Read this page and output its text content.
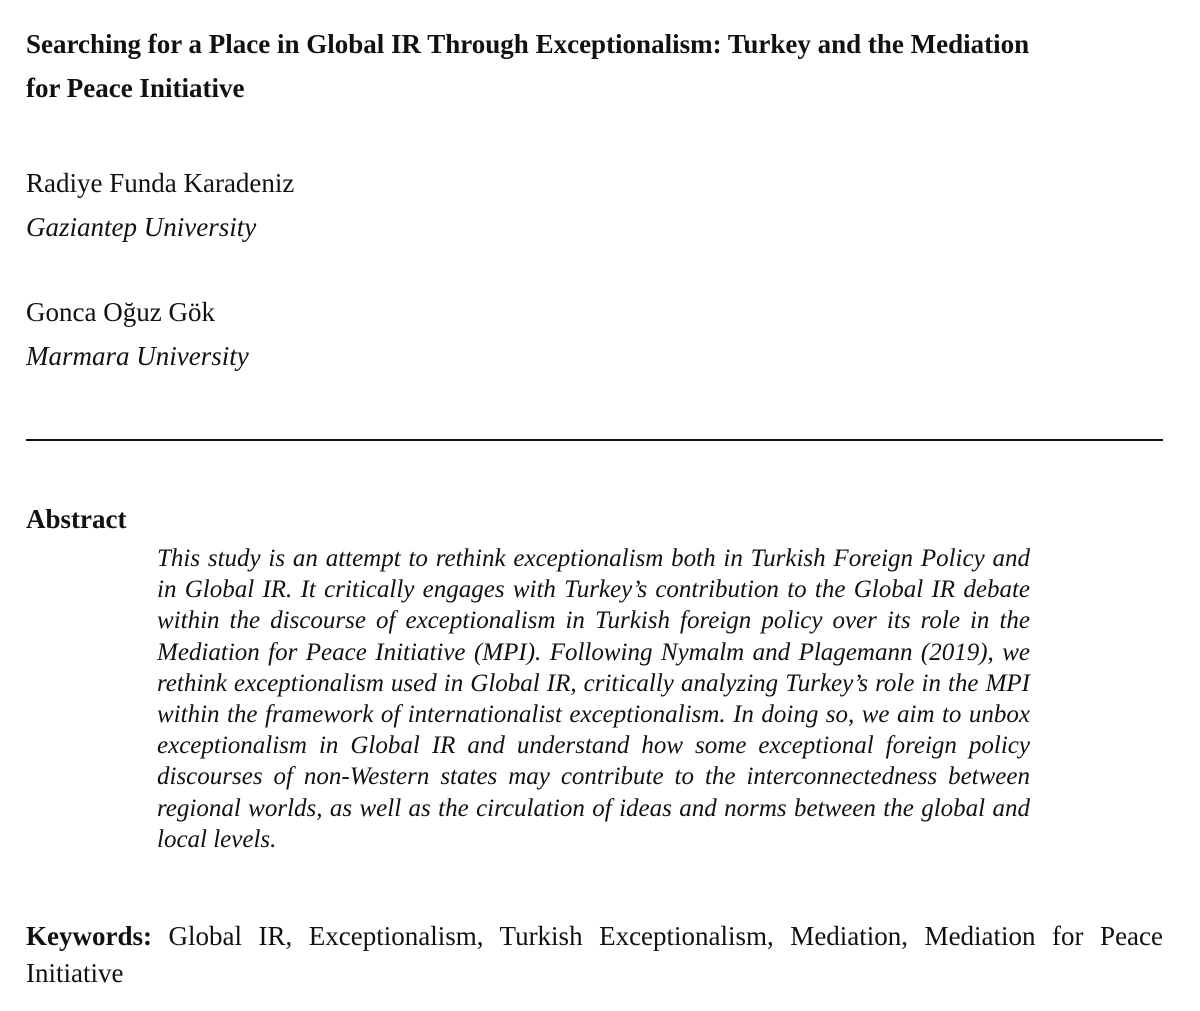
Searching for a Place in Global IR Through Exceptionalism: Turkey and the Mediation for Peace Initiative

Radiye Funda Karadeniz

Gaziantep University

Gonca Oğuz Gök

Marmara University

Abstract

This study is an attempt to rethink exceptionalism both in Turkish Foreign Policy and in Global IR. It critically engages with Turkey’s contribution to the Global IR debate within the discourse of exceptionalism in Turkish foreign policy over its role in the Mediation for Peace Initiative (MPI). Following Nymalm and Plagemann (2019), we rethink exceptionalism used in Global IR, critically analyzing Turkey’s role in the MPI within the framework of internationalist exceptionalism. In doing so, we aim to unbox exceptionalism in Global IR and understand how some exceptional foreign policy discourses of non-Western states may contribute to the interconnectedness between regional worlds, as well as the circulation of ideas and norms between the global and local levels.

Keywords: Global IR, Exceptionalism, Turkish Exceptionalism, Mediation, Mediation for Peace Initiative
